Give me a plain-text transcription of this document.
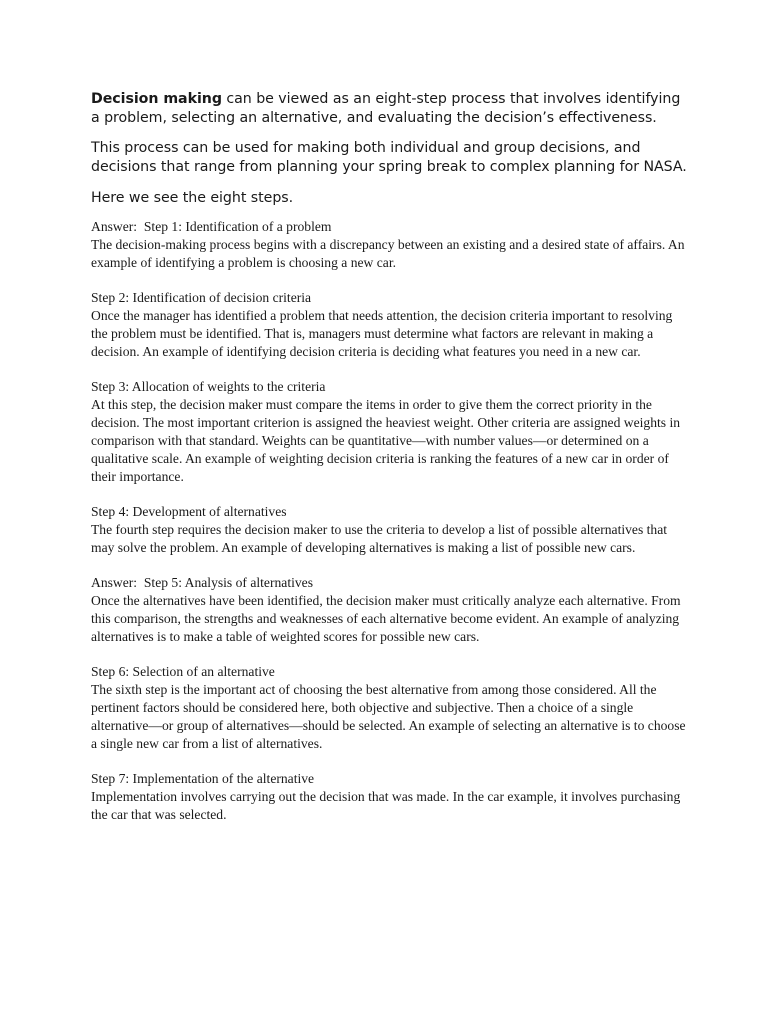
Decision making can be viewed as an eight-step process that involves identifying a problem, selecting an alternative, and evaluating the decision’s effectiveness.

This process can be used for making both individual and group decisions, and decisions that range from planning your spring break to complex planning for NASA.

Here we see the eight steps.

Answer:  Step 1: Identification of a problem
The decision-making process begins with a discrepancy between an existing and a desired state of affairs. An example of identifying a problem is choosing a new car.
Step 2: Identification of decision criteria
Once the manager has identified a problem that needs attention, the decision criteria important to resolving the problem must be identified. That is, managers must determine what factors are relevant in making a decision. An example of identifying decision criteria is deciding what features you need in a new car.
Step 3: Allocation of weights to the criteria
At this step, the decision maker must compare the items in order to give them the correct priority in the decision. The most important criterion is assigned the heaviest weight. Other criteria are assigned weights in comparison with that standard. Weights can be quantitative—with number values—or determined on a qualitative scale. An example of weighting decision criteria is ranking the features of a new car in order of their importance.
Step 4: Development of alternatives
The fourth step requires the decision maker to use the criteria to develop a list of possible alternatives that may solve the problem. An example of developing alternatives is making a list of possible new cars.
Answer:  Step 5: Analysis of alternatives
Once the alternatives have been identified, the decision maker must critically analyze each alternative. From this comparison, the strengths and weaknesses of each alternative become evident. An example of analyzing alternatives is to make a table of weighted scores for possible new cars.
Step 6: Selection of an alternative
The sixth step is the important act of choosing the best alternative from among those considered. All the pertinent factors should be considered here, both objective and subjective. Then a choice of a single alternative—or group of alternatives—should be selected. An example of selecting an alternative is to choose a single new car from a list of alternatives.
Step 7: Implementation of the alternative
Implementation involves carrying out the decision that was made. In the car example, it involves purchasing the car that was selected.
